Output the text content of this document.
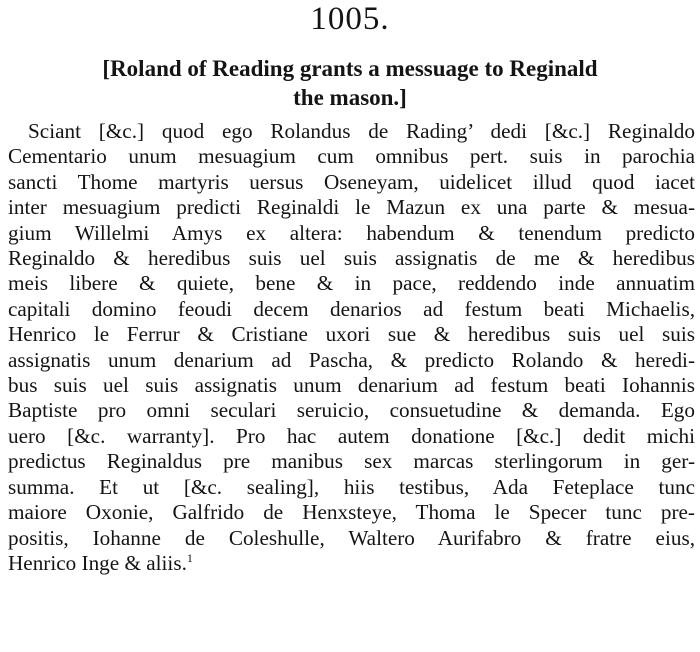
1005.
[Roland of Reading grants a messuage to Reginald
the mason.]
Sciant [&c.] quod ego Rolandus de Rading’ dedi [&c.] Reginaldo
Cementario unum mesuagium cum omnibus pert. suis in parochia
sancti Thome martyris uersus Oseneyam, uidelicet illud quod iacet
inter mesuagium predicti Reginaldi le Mazun ex una parte & mesua-
gium Willelmi Amys ex altera: habendum & tenendum predicto
Reginaldo & heredibus suis uel suis assignatis de me & heredibus
meis libere & quiete, bene & in pace, reddendo inde annuatim
capitali domino feoudi decem denarios ad festum beati Michaelis,
Henrico le Ferrur & Cristiane uxori sue & heredibus suis uel suis
assignatis unum denarium ad Pascha, & predicto Rolando & heredi-
bus suis uel suis assignatis unum denarium ad festum beati Iohannis
Baptiste pro omni seculari seruicio, consuetudine & demanda. Ego
uero [&c. warranty]. Pro hac autem donatione [&c.] dedit michi
predictus Reginaldus pre manibus sex marcas sterlingorum in ger-
summa. Et ut [&c. sealing], hiis testibus, Ada Feteplace tunc
maiore Oxonie, Galfrido de Henxsteye, Thoma le Specer tunc pre-
positis, Iohanne de Coleshulle, Waltero Aurifabro & fratre eius,
Henrico Inge & aliis.$^1$
